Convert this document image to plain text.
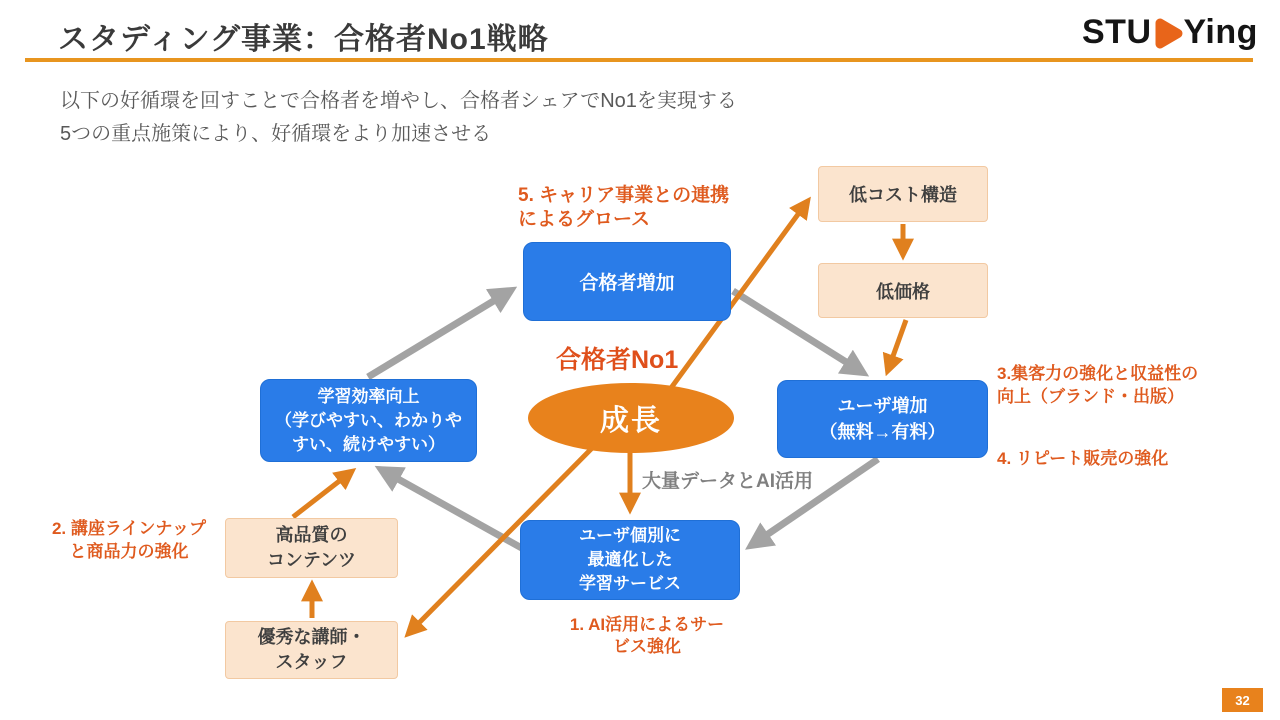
スタディング事業：合格者No1戦略	STU Ying
以下の好循環を回すことで合格者を増やし、合格者シェアでNo1を実現する
5つの重点施策により、好循環をより加速させる
合格者増加
学習効率向上
（学びやすい、わかりや
すい、続けやすい）
ユーザ増加
（無料→有料）
ユーザ個別に
最適化した
学習サービス
低コスト構造
低価格
高品質の
コンテンツ
優秀な講師・
スタッフ
合格者No1
成長
大量データとAI活用
5. キャリア事業との連携
によるグロース
3.集客力の強化と収益性の
向上（ブランド・出版）
4. リピート販売の強化
2. 講座ラインナップ
と商品力の強化
1. AI活用によるサー
ビス強化
32
